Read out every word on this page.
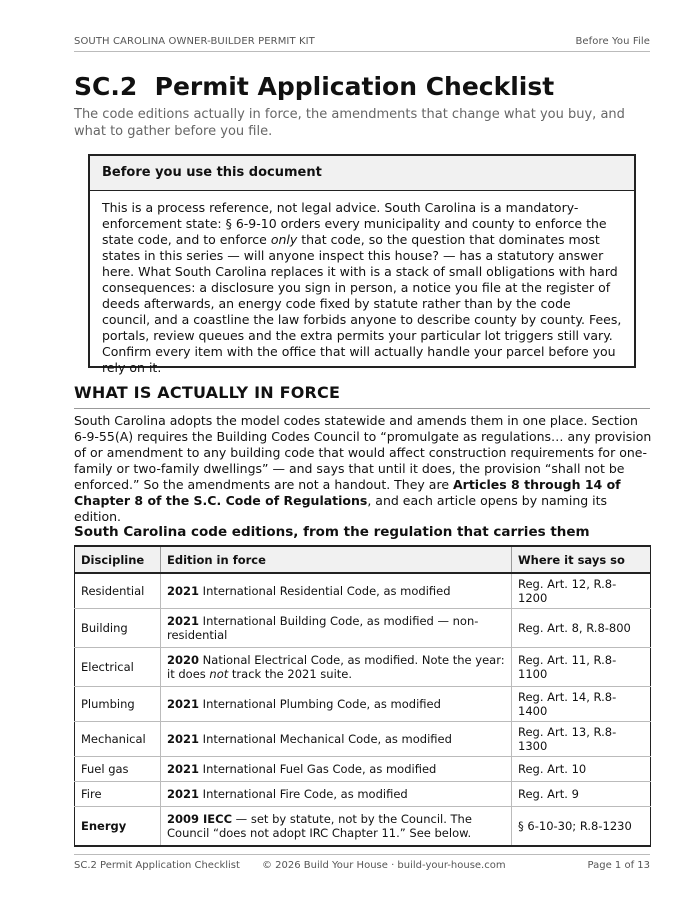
SOUTH CAROLINA OWNER-BUILDER PERMIT KIT	Before You File
SC.2  Permit Application Checklist

The code editions actually in force, the amendments that change what you buy, and what to gather before you file.

Before you use this document

This is a process reference, not legal advice. South Carolina is a mandatory-enforcement state: § 6-9-10 orders every municipality and county to enforce the state code, and to enforce only that code, so the question that dominates most states in this series — will anyone inspect this house? — has a statutory answer here. What South Carolina replaces it with is a stack of small obligations with hard consequences: a disclosure you sign in person, a notice you file at the register of deeds afterwards, an energy code fixed by statute rather than by the code council, and a coastline the law forbids anyone to describe county by county. Fees, portals, review queues and the extra permits your particular lot triggers still vary. Confirm every item with the office that will actually handle your parcel before you rely on it.

WHAT IS ACTUALLY IN FORCE

South Carolina adopts the model codes statewide and amends them in one place. Section 6-9-55(A) requires the Building Codes Council to “promulgate as regulations… any provision of or amendment to any building code that would affect construction requirements for one-family or two-family dwellings” — and says that until it does, the provision “shall not be enforced.” So the amendments are not a handout. They are Articles 8 through 14 of Chapter 8 of the S.C. Code of Regulations, and each article opens by naming its edition.

South Carolina code editions, from the regulation that carries them

Discipline	Edition in force	Where it says so
Residential	2021 International Residential Code, as modified	Reg. Art. 12, R.8-1200
Building	2021 International Building Code, as modified — non-residential	Reg. Art. 8, R.8-800
Electrical	2020 National Electrical Code, as modified. Note the year: it does not track the 2021 suite.	Reg. Art. 11, R.8-1100
Plumbing	2021 International Plumbing Code, as modified	Reg. Art. 14, R.8-1400
Mechanical	2021 International Mechanical Code, as modified	Reg. Art. 13, R.8-1300
Fuel gas	2021 International Fuel Gas Code, as modified	Reg. Art. 10
Fire	2021 International Fire Code, as modified	Reg. Art. 9
Energy	2009 IECC — set by statute, not by the Council. The Council “does not adopt IRC Chapter 11.” See below.	§ 6-10-30; R.8-1230
SC.2 Permit Application Checklist © 2026 Build Your House · build-your-house.com	Page 1 of 13
